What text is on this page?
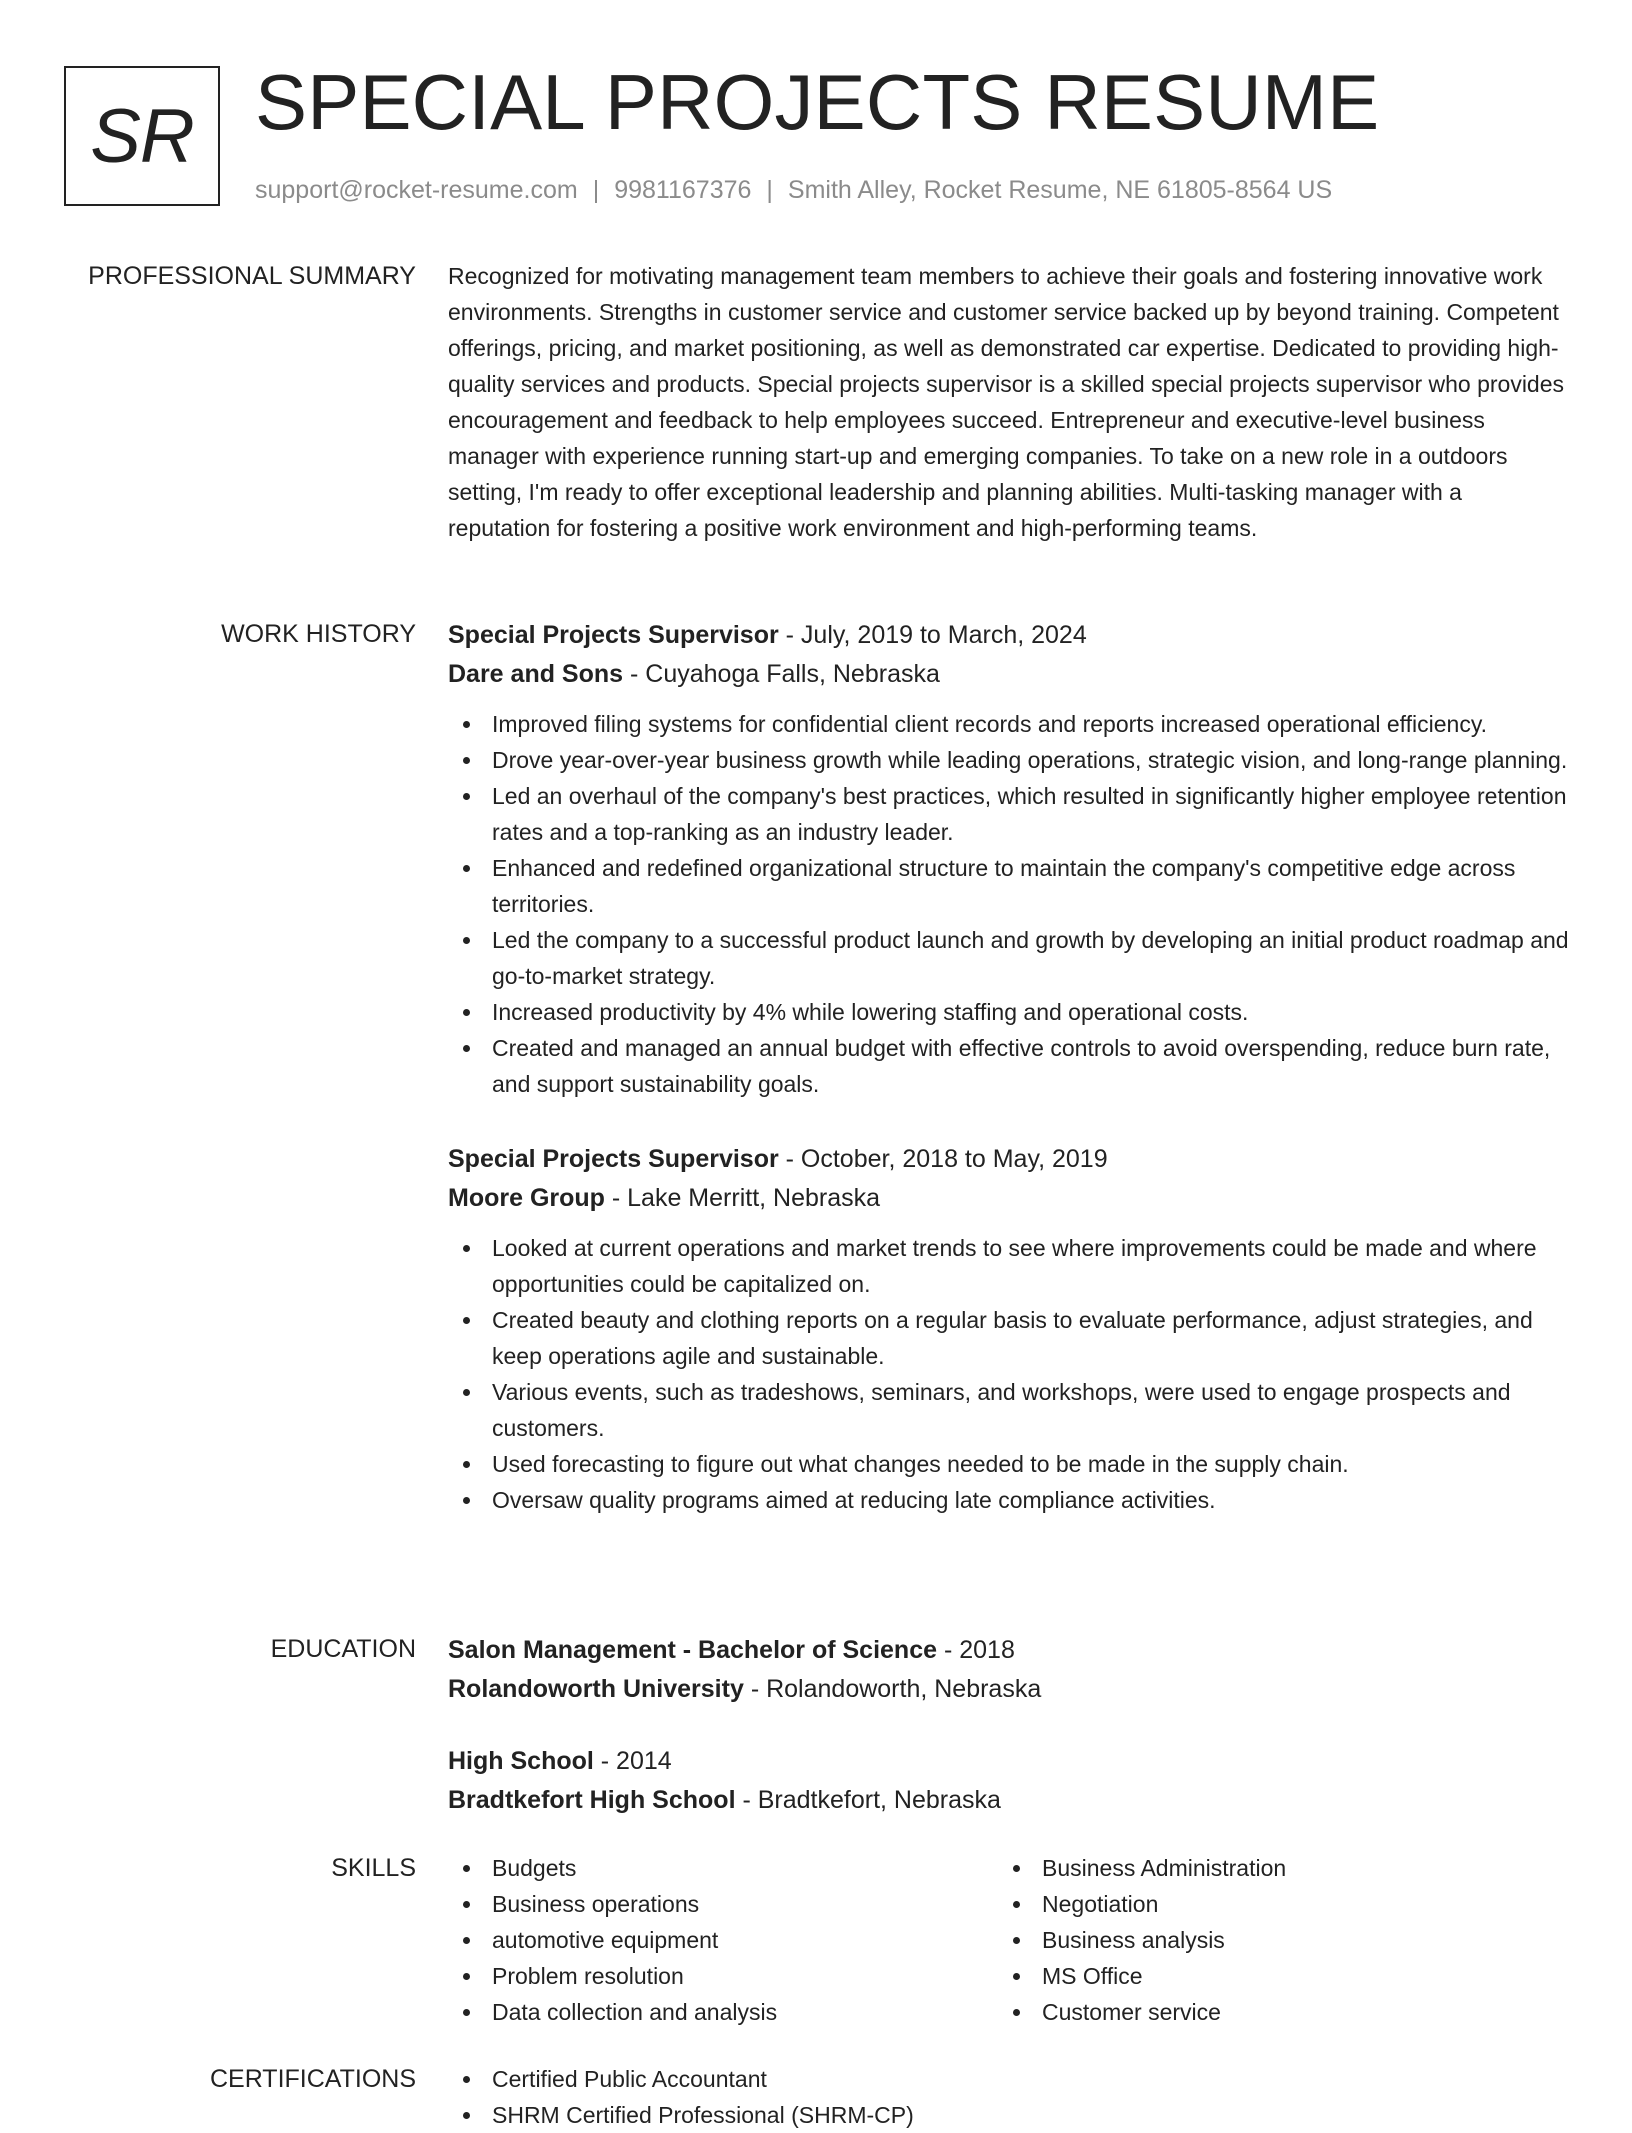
SR SPECIAL PROJECTS RESUME
support@rocket-resume.com | 9981167376 | Smith Alley, Rocket Resume, NE 61805-8564 US
PROFESSIONAL SUMMARY Recognized for motivating management team members to achieve their goals and fostering innovative work environments. Strengths in customer service and customer service backed up by beyond training. Competent offerings, pricing, and market positioning, as well as demonstrated car expertise. Dedicated to providing high-quality services and products. Special projects supervisor is a skilled special projects supervisor who provides encouragement and feedback to help employees succeed. Entrepreneur and executive-level business manager with experience running start-up and emerging companies. To take on a new role in a outdoors setting, I'm ready to offer exceptional leadership and planning abilities. Multi-tasking manager with a reputation for fostering a positive work environment and high-performing teams.

WORK HISTORY Special Projects Supervisor - July, 2019 to March, 2024

Dare and Sons - Cuyahoga Falls, Nebraska

Improved filing systems for confidential client records and reports increased operational efficiency.
Drove year-over-year business growth while leading operations, strategic vision, and long-range planning.
Led an overhaul of the company's best practices, which resulted in significantly higher employee retention rates and a top-ranking as an industry leader.
Enhanced and redefined organizational structure to maintain the company's competitive edge across territories.
Led the company to a successful product launch and growth by developing an initial product roadmap and go-to-market strategy.
Increased productivity by 4% while lowering staffing and operational costs.
Created and managed an annual budget with effective controls to avoid overspending, reduce burn rate, and support sustainability goals.

Special Projects Supervisor - October, 2018 to May, 2019

Moore Group - Lake Merritt, Nebraska

Looked at current operations and market trends to see where improvements could be made and where opportunities could be capitalized on.
Created beauty and clothing reports on a regular basis to evaluate performance, adjust strategies, and keep operations agile and sustainable.
Various events, such as tradeshows, seminars, and workshops, were used to engage prospects and customers.
Used forecasting to figure out what changes needed to be made in the supply chain.
Oversaw quality programs aimed at reducing late compliance activities.
EDUCATION Salon Management - Bachelor of Science - 2018

Rolandoworth University - Rolandoworth, Nebraska

High School - 2014

Bradtkefort High School - Bradtkefort, Nebraska

SKILLS	Budgets
Business operations
automotive equipment
Problem resolution
Data collection and analysis
Business Administration
Negotiation
Business analysis
MS Office
Customer service
CERTIFICATIONS	Certified Public Accountant
SHRM Certified Professional (SHRM-CP)
